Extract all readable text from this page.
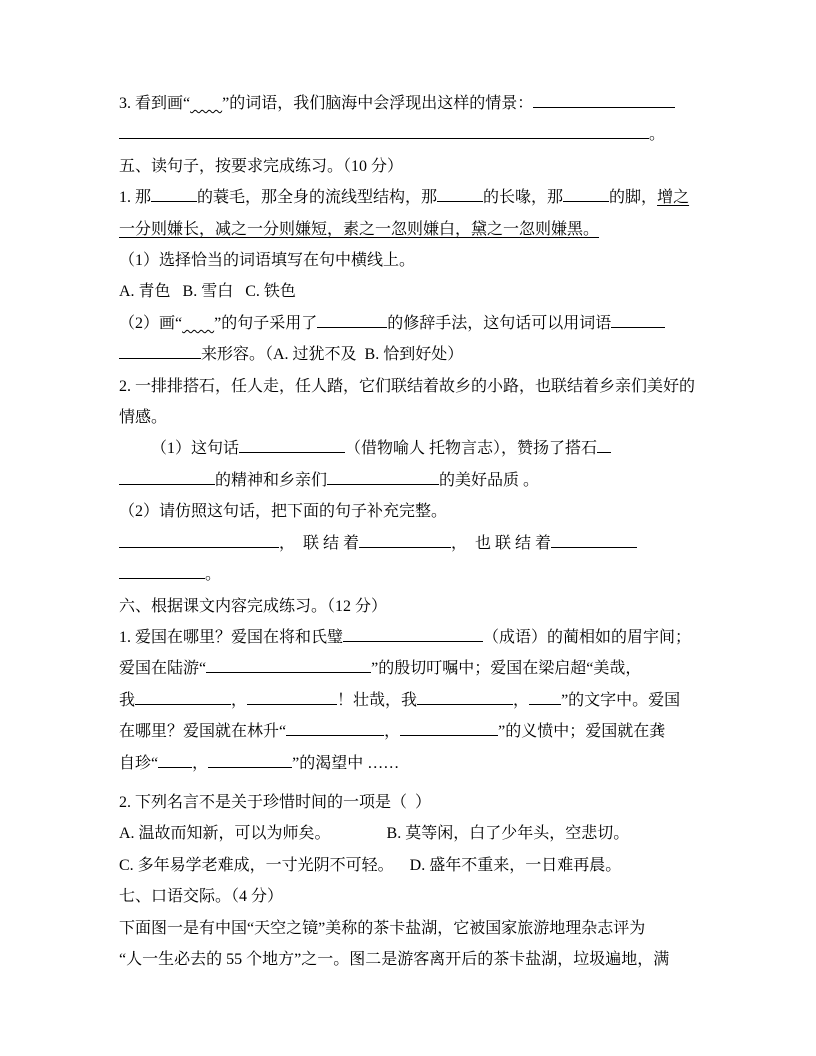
3. 看到画“ ”的词语，我们脑海中会浮现出这样的情景：
。
五、读句子，按要求完成练习。（10 分）
1. 那	的蓑毛，那全身的流线型结构，那	的长喙，那	的脚，增之
一分则嫌长，减之一分则嫌短，素之一忽则嫌白，黛之一忽则嫌黑。
（1）选择恰当的词语填写在句中横线上。
A. 青色   B. 雪白   C. 铁色
（2）画“ ”的句子采用了	的修辞手法，这句话可以用词语
来形容。（A. 过犹不及  B. 恰到好处）
2. 一排排搭石，任人走，任人踏，它们联结着故乡的小路，也联结着乡亲们美好的
情感。
（1）这句话	（借物喻人 托物言志），赞扬了搭石
的精神和乡亲们	的美好品质 。
（2）请仿照这句话，把下面的句子补充完整。
，  联 结 着	，  也 联 结 着
。
六、根据课文内容完成练习。（12 分）
1. 爱国在哪里？爱国在将和氏璧	（成语）的蔺相如的眉宇间；
爱国在陆游“	”的殷切叮嘱中；爱国在梁启超“美哉，
我	，	！壮哉，我	， ”的文字中。爱国
在哪里？爱国就在林升“	，	”的义愤中；爱国就在龚
自珍“ ，	”的渴望中 ……
2. 下列名言不是关于珍惜时间的一项是（  ）
A. 温故而知新，可以为师矣。              B. 莫等闲，白了少年头，空悲切。
C. 多年易学老难成，一寸光阴不可轻。    D. 盛年不重来，一日难再晨。
七、口语交际。（4 分）
下面图一是有中国“天空之镜”美称的茶卡盐湖，它被国家旅游地理杂志评为
“人一生必去的 55 个地方”之一。图二是游客离开后的茶卡盐湖，垃圾遍地，满
